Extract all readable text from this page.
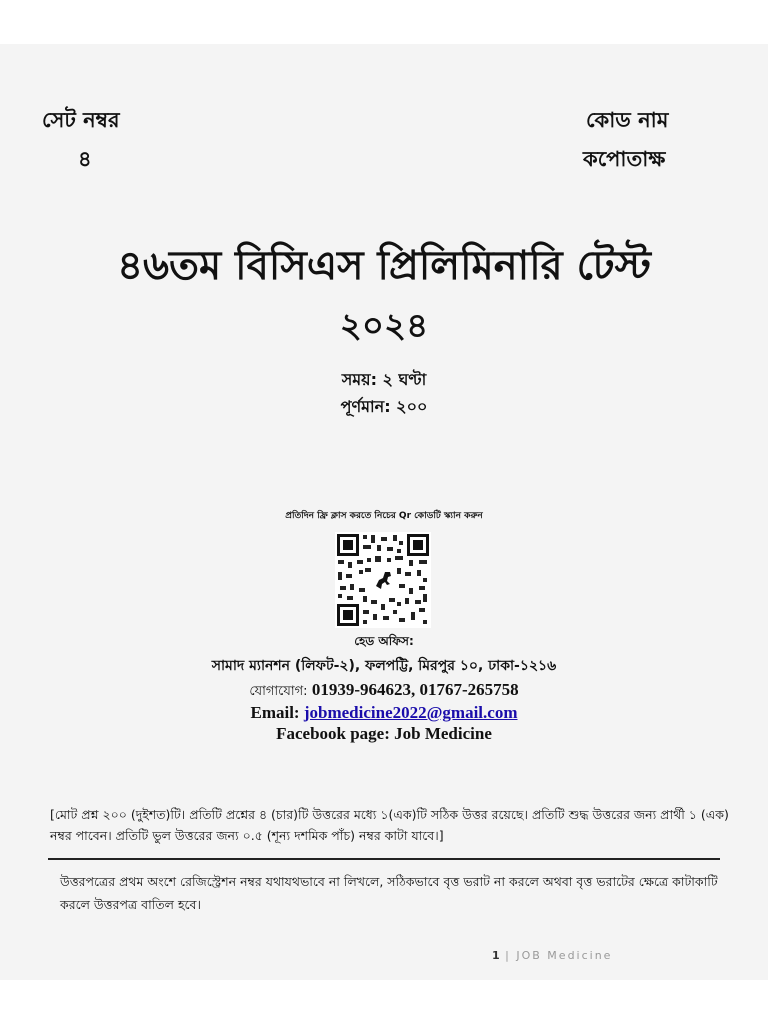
সেট নম্বর
৪
কোড নাম
কপোতাক্ষ
৪৬তম বিসিএস প্রিলিমিনারি টেস্ট
২০২৪
সময়: ২ ঘণ্টা
পূর্ণমান: ২০০
প্রতিদিন ফ্রি ক্লাস করতে নিচের Qr কোডটি স্ক্যান করুন
হেড অফিস:
সামাদ ম্যানশন (লিফট-২), ফলপট্টি, মিরপুর ১০, ঢাকা-১২১৬
যোগাযোগ: 01939-964623, 01767-265758
Email: jobmedicine2022@gmail.com
Facebook page: Job Medicine
[মোট প্রশ্ন ২০০ (দুইশত)টি। প্রতিটি প্রশ্নের ৪ (চার)টি উত্তরের মধ্যে ১(এক)টি সঠিক উত্তর রয়েছে। প্রতিটি শুদ্ধ উত্তরের জন্য প্রার্থী ১ (এক) নম্বর পাবেন। প্রতিটি ভুল উত্তরের জন্য ০.৫ (শূন্য দশমিক পাঁচ) নম্বর কাটা যাবে।]
উত্তরপত্রের প্রথম অংশে রেজিস্ট্রেশন নম্বর যথাযথভাবে না লিখলে, সঠিকভাবে বৃত্ত ভরাট না করলে অথবা বৃত্ত ভরাটের ক্ষেত্রে কাটাকাটি করলে উত্তরপত্র বাতিল হবে।
1 | JOB Medicine
